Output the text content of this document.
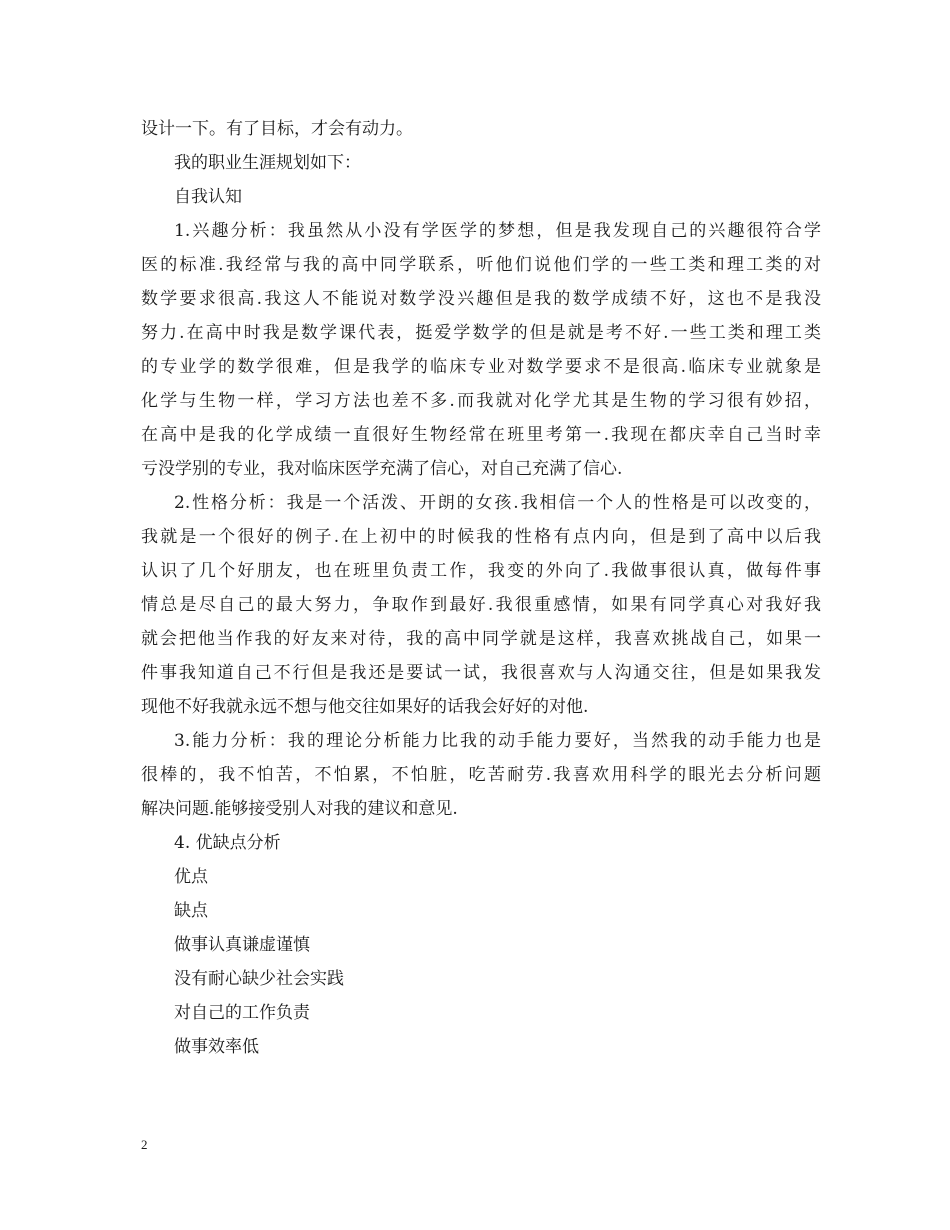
设计一下。有了目标，才会有动力。
我的职业生涯规划如下：
自我认知
1.兴趣分析：我虽然从小没有学医学的梦想，但是我发现自己的兴趣很符合学
医的标准.我经常与我的高中同学联系，听他们说他们学的一些工类和理工类的对
数学要求很高.我这人不能说对数学没兴趣但是我的数学成绩不好，这也不是我没
努力.在高中时我是数学课代表，挺爱学数学的但是就是考不好.一些工类和理工类
的专业学的数学很难，但是我学的临床专业对数学要求不是很高.临床专业就象是
化学与生物一样，学习方法也差不多.而我就对化学尤其是生物的学习很有妙招，
在高中是我的化学成绩一直很好生物经常在班里考第一.我现在都庆幸自己当时幸
亏没学别的专业，我对临床医学充满了信心，对自己充满了信心.
2.性格分析：我是一个活泼、开朗的女孩.我相信一个人的性格是可以改变的，
我就是一个很好的例子.在上初中的时候我的性格有点内向，但是到了高中以后我
认识了几个好朋友，也在班里负责工作，我变的外向了.我做事很认真，做每件事
情总是尽自己的最大努力，争取作到最好.我很重感情，如果有同学真心对我好我
就会把他当作我的好友来对待，我的高中同学就是这样，我喜欢挑战自己，如果一
件事我知道自己不行但是我还是要试一试，我很喜欢与人沟通交往，但是如果我发
现他不好我就永远不想与他交往如果好的话我会好好的对他.
3.能力分析：我的理论分析能力比我的动手能力要好，当然我的动手能力也是
很棒的，我不怕苦，不怕累，不怕脏，吃苦耐劳.我喜欢用科学的眼光去分析问题
解决问题.能够接受别人对我的建议和意见.
4. 优缺点分析
优点
缺点
做事认真谦虚谨慎
没有耐心缺少社会实践
对自己的工作负责
做事效率低
2
